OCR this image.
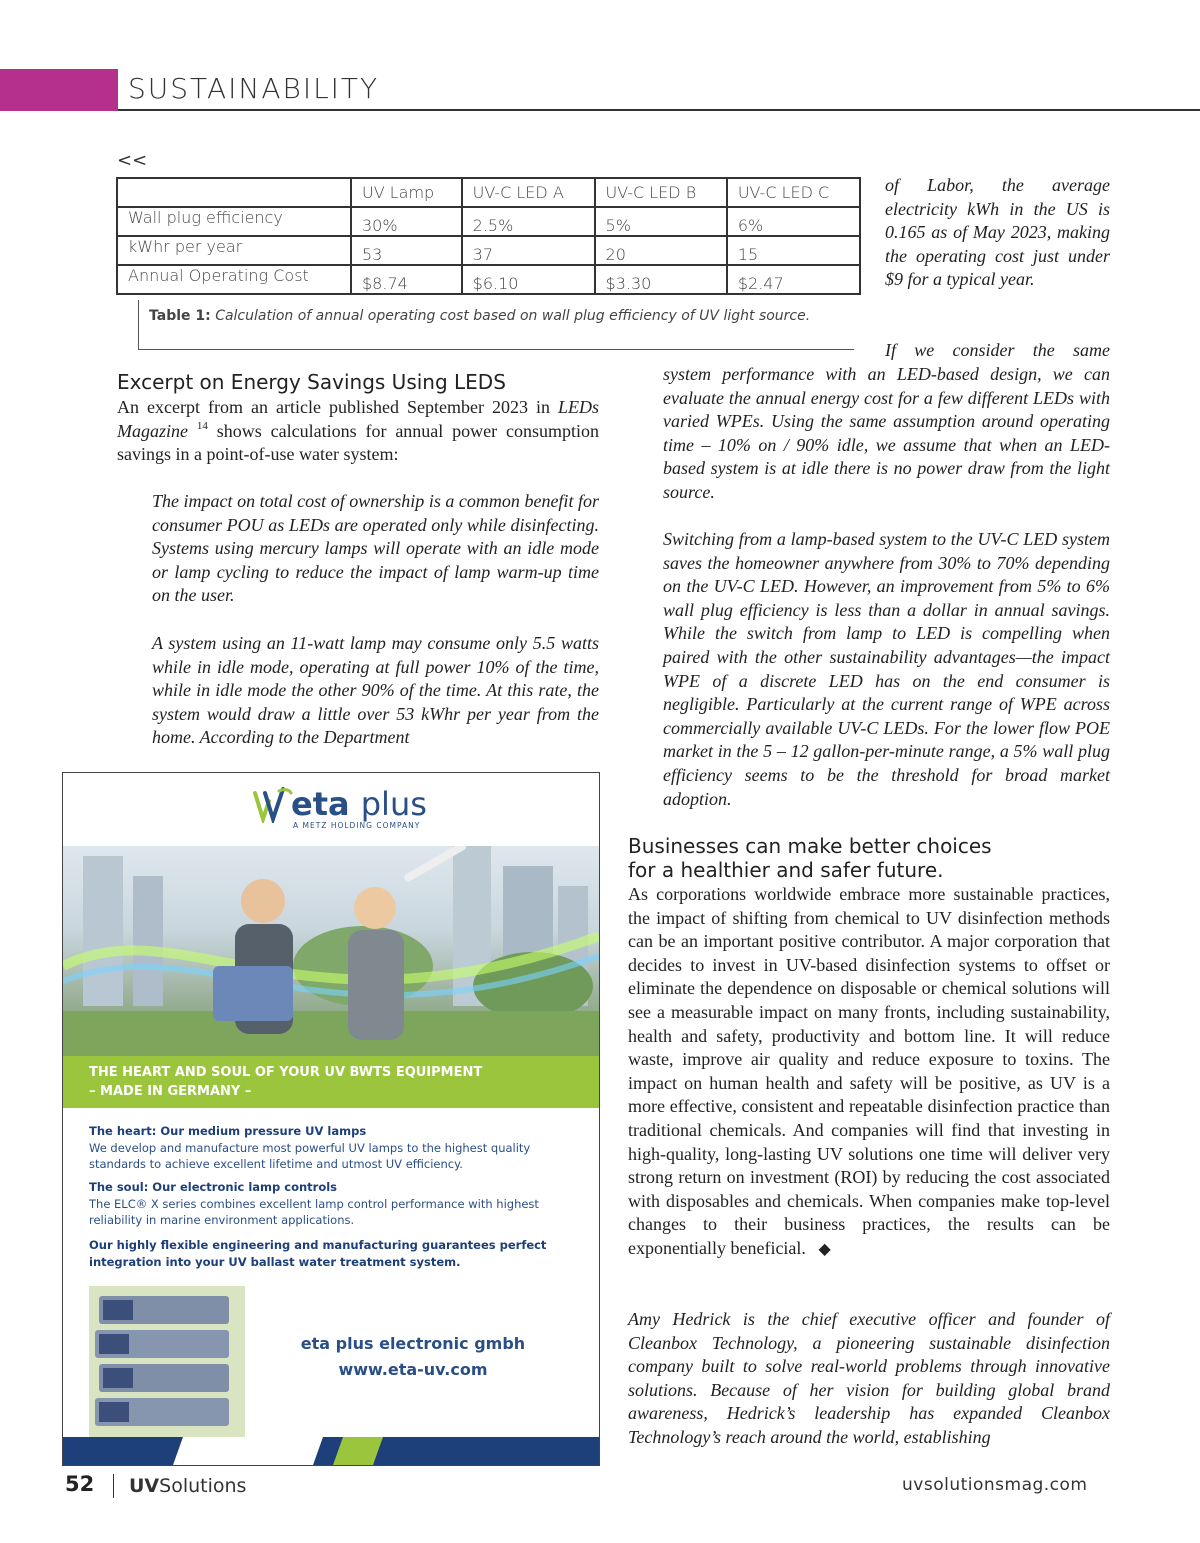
SUSTAINABILITY
<<
	UV Lamp	UV-C LED A	UV-C LED B	UV-C LED C
Wall plug efficiency	30%	2.5%	5%	6%
kWhr per year	53	37	20	15
Annual Operating Cost	$8.74	$6.10	$3.30	$2.47
Table 1: Calculation of annual operating cost based on wall plug efficiency of UV light source.
of Labor, the average electricity kWh in the US is 0.165 as of May 2023, making the operating cost just under $9 for a typical year.
If we consider the same
Excerpt on Energy Savings Using LEDS
An excerpt from an article published September 2023 in LEDs Magazine $^{14}$ shows calculations for annual power consumption savings in a point-of-use water system:
The impact on total cost of ownership is a common benefit for consumer POU as LEDs are operated only while disinfecting. Systems using mercury lamps will operate with an idle mode or lamp cycling to reduce the impact of lamp warm-up time on the user.
A system using an 11-watt lamp may consume only 5.5 watts while in idle mode, operating at full power 10% of the time, while in idle mode the other 90% of the time. At this rate, the system would draw a little over 53 kWhr per year from the home. According to the Department
system performance with an LED-based design, we can evaluate the annual energy cost for a few different LEDs with varied WPEs. Using the same assumption around operating time – 10% on / 90% idle, we assume that when an LED-based system is at idle there is no power draw from the light source.
Switching from a lamp-based system to the UV-C LED system saves the homeowner anywhere from 30% to 70% depending on the UV-C LED. However, an improvement from 5% to 6% wall plug efficiency is less than a dollar in annual savings. While the switch from lamp to LED is compelling when paired with the other sustainability advantages—the impact WPE of a discrete LED has on the end consumer is negligible. Particularly at the current range of WPE across commercially available UV-C LEDs. For the lower flow POE market in the 5 – 12 gallon-per-minute range, a 5% wall plug efficiency seems to be the threshold for broad market adoption.
Businesses can make better choices
for a healthier and safer future.
As corporations worldwide embrace more sustainable practices, the impact of shifting from chemical to UV disinfection methods can be an important positive contributor. A major corporation that decides to invest in UV-based disinfection systems to offset or eliminate the dependence on disposable or chemical solutions will see a measurable impact on many fronts, including sustainability, health and safety, productivity and bottom line. It will reduce waste, improve air quality and reduce exposure to toxins. The impact on human health and safety will be positive, as UV is a more effective, consistent and repeatable disinfection practice than traditional chemicals. And companies will find that investing in high-quality, long-lasting UV solutions one time will deliver very strong return on investment (ROI) by reducing the cost associated with disposables and chemicals. When companies make top-level changes to their business practices, the results can be exponentially beneficial. ◆
Amy Hedrick is the chief executive officer and founder of Cleanbox Technology, a pioneering sustainable disinfection company built to solve real-world problems through innovative solutions. Because of her vision for building global brand awareness, Hedrick’s leadership has expanded Cleanbox Technology’s reach around the world, establishing
eta plus
A METZ HOLDING COMPANY
THE HEART AND SOUL OF YOUR UV BWTS EQUIPMENT
– MADE IN GERMANY –
The heart: Our medium pressure UV lamps
We develop and manufacture most powerful UV lamps to the highest quality standards to achieve excellent lifetime and utmost UV efficiency.
The soul: Our electronic lamp controls
The ELC® X series combines excellent lamp control performance with highest reliability in marine environment applications.
Our highly flexible engineering and manufacturing guarantees perfect integration into your UV ballast water treatment system.
eta plus electronic gmbh
www.eta-uv.com
52 UVSolutions	uvsolutionsmag.com
